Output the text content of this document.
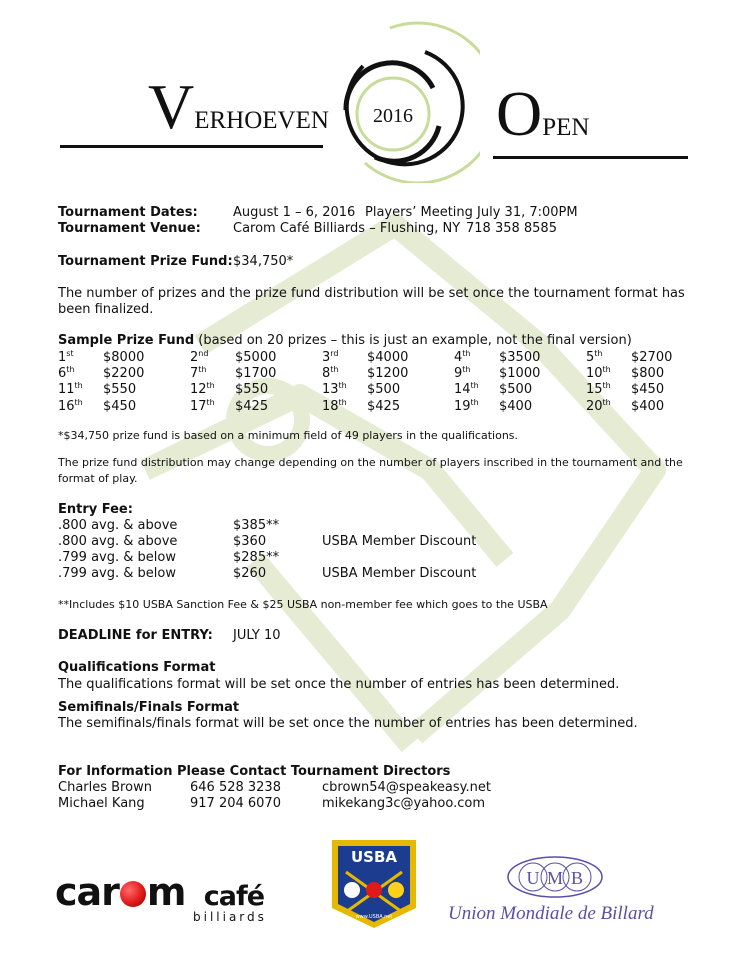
VERHOEVEN	OPEN
2016
Tournament Dates:	August 1 – 6, 2016 Players’ Meeting July 31, 7:00PM
Tournament Venue: Carom Café Billiards – Flushing, NY 718 358 8585
Tournament Prize Fund: $34,750*
The number of prizes and the prize fund distribution will be set once the tournament format has been finalized.
Sample Prize Fund (based on 20 prizes – this is just an example, not the final version)
1st $8000	2nd $5000	3rd $4000	4th $3500	5th $2700
6th $2200	7th $1700	8th $1200	9th $1000	10th $800
11th $550	12th $550	13th $500	14th $500	15th $450
16th $450	17th $425	18th $425	19th $400	20th $400
*$34,750 prize fund is based on a minimum field of 49 players in the qualifications.
The prize fund distribution may change depending on the number of players inscribed in the tournament and the format of play.
Entry Fee:
.800 avg. & above	$385**
.800 avg. & above	$360	USBA Member Discount
.799 avg. & below	$285**
.799 avg. & below	$260	USBA Member Discount
**Includes $10 USBA Sanction Fee & $25 USBA non-member fee which goes to the USBA
DEADLINE for ENTRY: JULY 10
Qualifications Format
The qualifications format will be set once the number of entries has been determined.
Semifinals/Finals Format
The semifinals/finals format will be set once the number of entries has been determined.
For Information Please Contact Tournament Directors
Charles Brown	646 528 3238	cbrown54@speakeasy.net
Michael Kang	917 204 6070	mikekang3c@yahoo.com
car m café
billiards
USBA
www.USBA.net
U M B
Union Mondiale de Billard
